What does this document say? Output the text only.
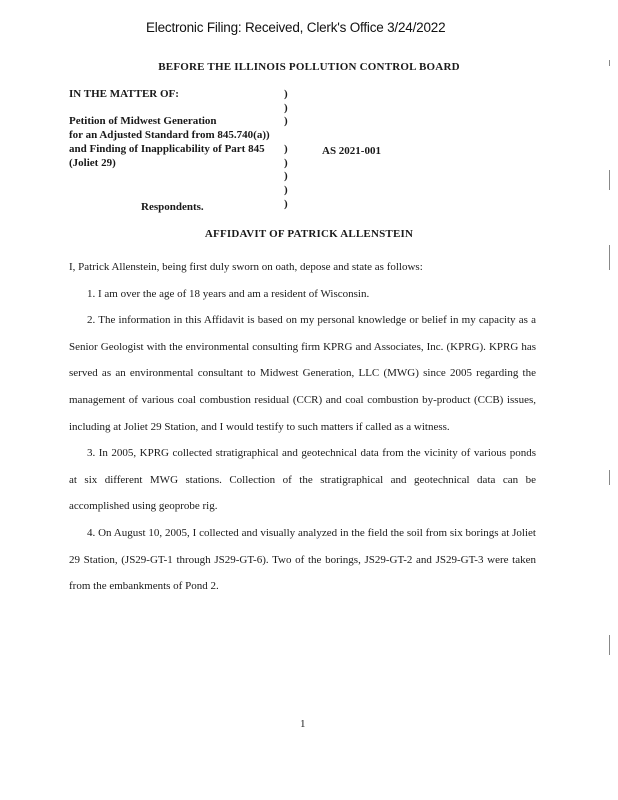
Electronic Filing: Received, Clerk's Office 3/24/2022
BEFORE THE ILLINOIS POLLUTION CONTROL BOARD
IN THE MATTER OF:

Petition of Midwest Generation
for an Adjusted Standard from 845.740(a))
and Finding of Inapplicability of Part 845
(Joliet 29)
)
)
)

)
)
)
)
)
AS 2021-001
Respondents.
AFFIDAVIT OF PATRICK ALLENSTEIN

I, Patrick Allenstein, being first duly sworn on oath, depose and state as follows:

1. I am over the age of 18 years and am a resident of Wisconsin.

2. The information in this Affidavit is based on my personal knowledge or belief in my capacity as a Senior Geologist with the environmental consulting firm KPRG and Associates, Inc. (KPRG). KPRG has served as an environmental consultant to Midwest Generation, LLC (MWG) since 2005 regarding the management of various coal combustion residual (CCR) and coal combustion by-product (CCB) issues, including at Joliet 29 Station, and I would testify to such matters if called as a witness.

3. In 2005, KPRG collected stratigraphical and geotechnical data from the vicinity of various ponds at six different MWG stations. Collection of the stratigraphical and geotechnical data can be accomplished using geoprobe rig.

4. On August 10, 2005, I collected and visually analyzed in the field the soil from six borings at Joliet 29 Station, (JS29-GT-1 through JS29-GT-6). Two of the borings, JS29-GT-2 and JS29-GT-3 were taken from the embankments of Pond 2.

1
